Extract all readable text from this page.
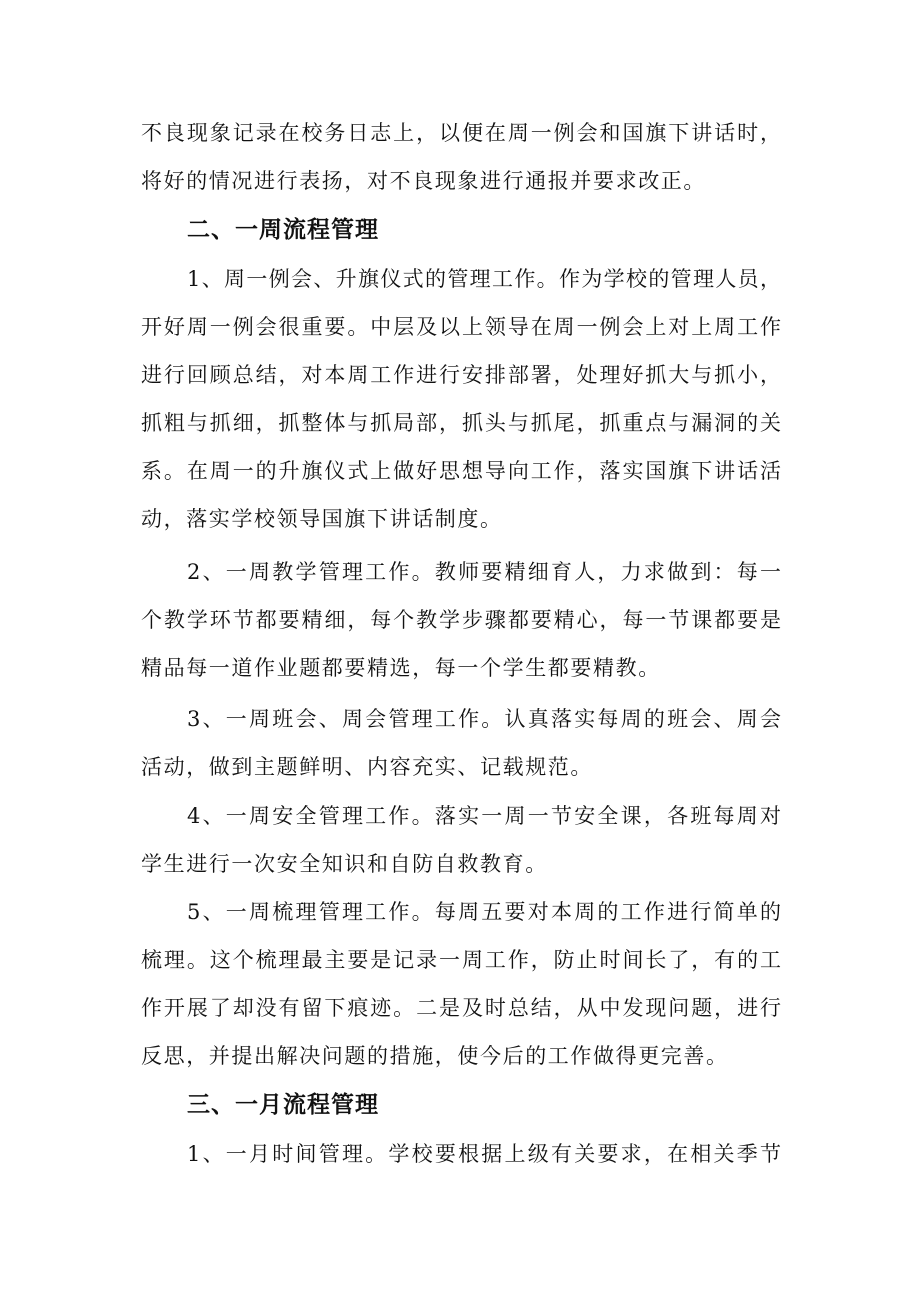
不良现象记录在校务日志上，以便在周一例会和国旗下讲话时，
将好的情况进行表扬，对不良现象进行通报并要求改正。
二、一周流程管理
1、周一例会、升旗仪式的管理工作。作为学校的管理人员，
开好周一例会很重要。中层及以上领导在周一例会上对上周工作
进行回顾总结，对本周工作进行安排部署，处理好抓大与抓小，
抓粗与抓细，抓整体与抓局部，抓头与抓尾，抓重点与漏洞的关
系。在周一的升旗仪式上做好思想导向工作，落实国旗下讲话活
动，落实学校领导国旗下讲话制度。
2、一周教学管理工作。教师要精细育人，力求做到：每一
个教学环节都要精细，每个教学步骤都要精心，每一节课都要是
精品每一道作业题都要精选，每一个学生都要精教。
3、一周班会、周会管理工作。认真落实每周的班会、周会
活动，做到主题鲜明、内容充实、记载规范。
4、一周安全管理工作。落实一周一节安全课，各班每周对
学生进行一次安全知识和自防自救教育。
5、一周梳理管理工作。每周五要对本周的工作进行简单的
梳理。这个梳理最主要是记录一周工作，防止时间长了，有的工
作开展了却没有留下痕迹。二是及时总结，从中发现问题，进行
反思，并提出解决问题的措施，使今后的工作做得更完善。
三、一月流程管理
1、一月时间管理。学校要根据上级有关要求，在相关季节
